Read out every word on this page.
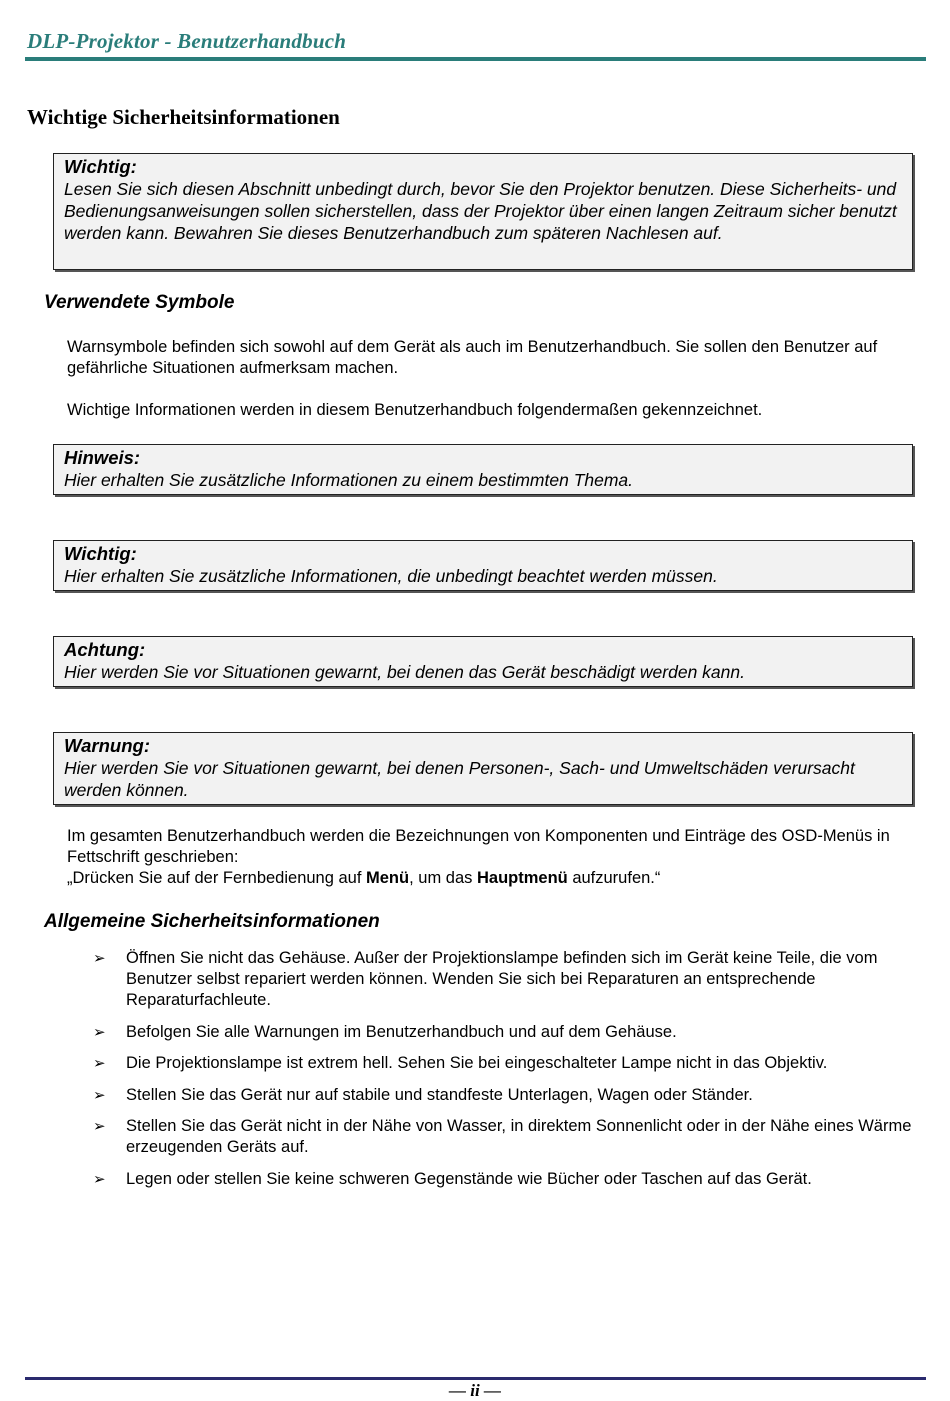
DLP-Projektor - Benutzerhandbuch
Wichtige Sicherheitsinformationen
Wichtig:
Lesen Sie sich diesen Abschnitt unbedingt durch, bevor Sie den Projektor benutzen. Diese Sicherheits- und Bedienungsanweisungen sollen sicherstellen, dass der Projektor über einen langen Zeitraum sicher benutzt werden kann. Bewahren Sie dieses Benutzerhandbuch zum späteren Nachlesen auf.
Verwendete Symbole
Warnsymbole befinden sich sowohl auf dem Gerät als auch im Benutzerhandbuch. Sie sollen den Benutzer auf gefährliche Situationen aufmerksam machen.
Wichtige Informationen werden in diesem Benutzerhandbuch folgendermaßen gekennzeichnet.
Hinweis:
Hier erhalten Sie zusätzliche Informationen zu einem bestimmten Thema.
Wichtig:
Hier erhalten Sie zusätzliche Informationen, die unbedingt beachtet werden müssen.
Achtung:
Hier werden Sie vor Situationen gewarnt, bei denen das Gerät beschädigt werden kann.
Warnung:
Hier werden Sie vor Situationen gewarnt, bei denen Personen-, Sach- und Umweltschäden verursacht werden können.
Im gesamten Benutzerhandbuch werden die Bezeichnungen von Komponenten und Einträge des OSD-Menüs in Fettschrift geschrieben:
„Drücken Sie auf der Fernbedienung auf Menü, um das Hauptmenü aufzurufen.“
Allgemeine Sicherheitsinformationen
➢ Öffnen Sie nicht das Gehäuse. Außer der Projektionslampe befinden sich im Gerät keine Teile, die vom Benutzer selbst repariert werden können. Wenden Sie sich bei Reparaturen an entsprechende Reparaturfachleute.
➢ Befolgen Sie alle Warnungen im Benutzerhandbuch und auf dem Gehäuse.
➢ Die Projektionslampe ist extrem hell. Sehen Sie bei eingeschalteter Lampe nicht in das Objektiv.
➢ Stellen Sie das Gerät nur auf stabile und standfeste Unterlagen, Wagen oder Ständer.
➢ Stellen Sie das Gerät nicht in der Nähe von Wasser, in direktem Sonnenlicht oder in der Nähe eines Wärme erzeugenden Geräts auf.
➢ Legen oder stellen Sie keine schweren Gegenstände wie Bücher oder Taschen auf das Gerät.
— ii —
